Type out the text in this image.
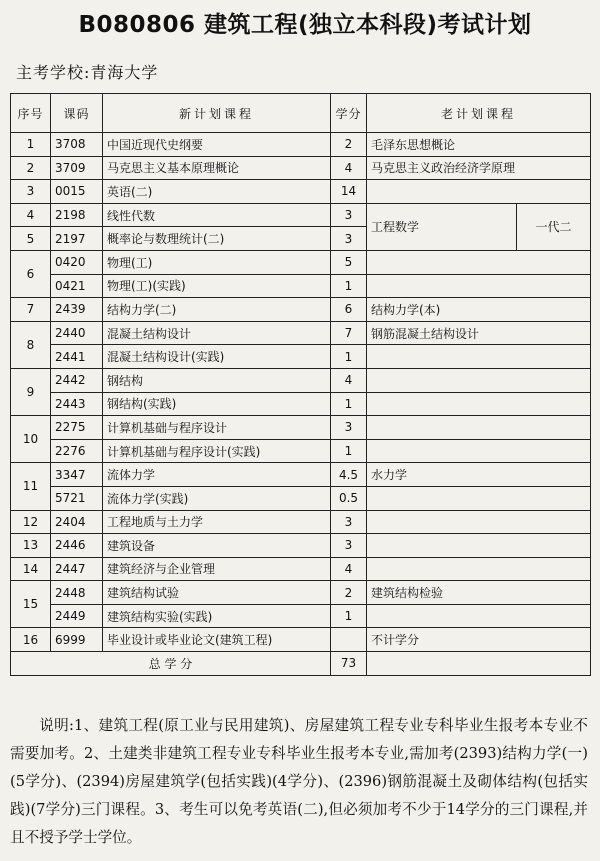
B080806 建筑工程(独立本科段)考试计划
主考学校:青海大学
序号	课码	新计划课程	学分	老计划课程	
1	3708	中国近现代史纲要	2	毛泽东思想概论	
2	3709	马克思主义基本原理概论	4	马克思主义政治经济学原理	
3	0015	英语(二)	14		
4	2198	线性代数	3	工程数学	一代二
5	2197	概率论与数理统计(二)	3		
6	0420	物理(工)	5		
	0421	物理(工)(实践)	1		
7	2439	结构力学(二)	6	结构力学(本)	
8	2440	混凝土结构设计	7	钢筋混凝土结构设计	
	2441	混凝土结构设计(实践)	1		
9	2442	钢结构	4		
	2443	钢结构(实践)	1		
10	2275	计算机基础与程序设计	3		
	2276	计算机基础与程序设计(实践)	1		
11	3347	流体力学	4.5	水力学	
	5721	流体力学(实践)	0.5		
12	2404	工程地质与土力学	3		
13	2446	建筑设备	3		
14	2447	建筑经济与企业管理	4		
15	2448	建筑结构试验	2	建筑结构检验	
	2449	建筑结构实验(实践)	1		
16	6999	毕业设计或毕业论文(建筑工程)		不计学分	
总 学 分			73		
说明:1、建筑工程(原工业与民用建筑)、房屋建筑工程专业专科毕业生报考本专业不需要加考。2、土建类非建筑工程专业专科毕业生报考本专业,需加考(2393)结构力学(一)(5学分)、(2394)房屋建筑学(包括实践)(4学分)、(2396)钢筋混凝土及砌体结构(包括实践)(7学分)三门课程。3、考生可以免考英语(二),但必须加考不少于14学分的三门课程,并且不授予学士学位。
